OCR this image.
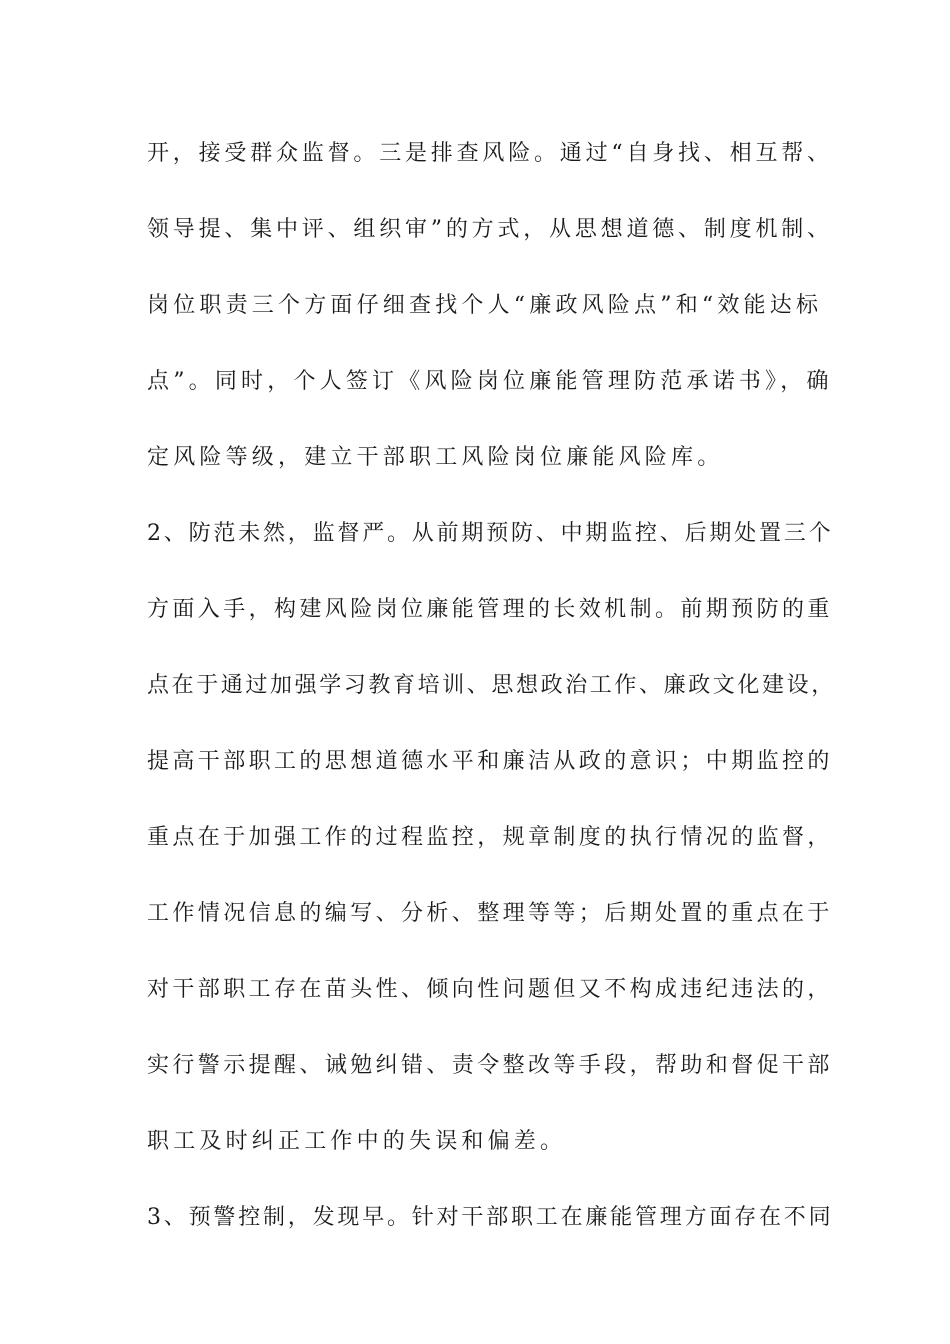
开，接受群众监督。三是排查风险。通过“自身找、相互帮、
领导提、集中评、组织审”的方式，从思想道德、制度机制、
岗位职责三个方面仔细查找个人“廉政风险点”和“效能达标
点”。同时，个人签订《风险岗位廉能管理防范承诺书》，确
定风险等级，建立干部职工风险岗位廉能风险库。
2、防范未然，监督严。从前期预防、中期监控、后期处置三个
方面入手，构建风险岗位廉能管理的长效机制。前期预防的重
点在于通过加强学习教育培训、思想政治工作、廉政文化建设，
提高干部职工的思想道德水平和廉洁从政的意识；中期监控的
重点在于加强工作的过程监控，规章制度的执行情况的监督，
工作情况信息的编写、分析、整理等等；后期处置的重点在于
对干部职工存在苗头性、倾向性问题但又不构成违纪违法的，
实行警示提醒、诫勉纠错、责令整改等手段，帮助和督促干部
职工及时纠正工作中的失误和偏差。
3、预警控制，发现早。针对干部职工在廉能管理方面存在不同
